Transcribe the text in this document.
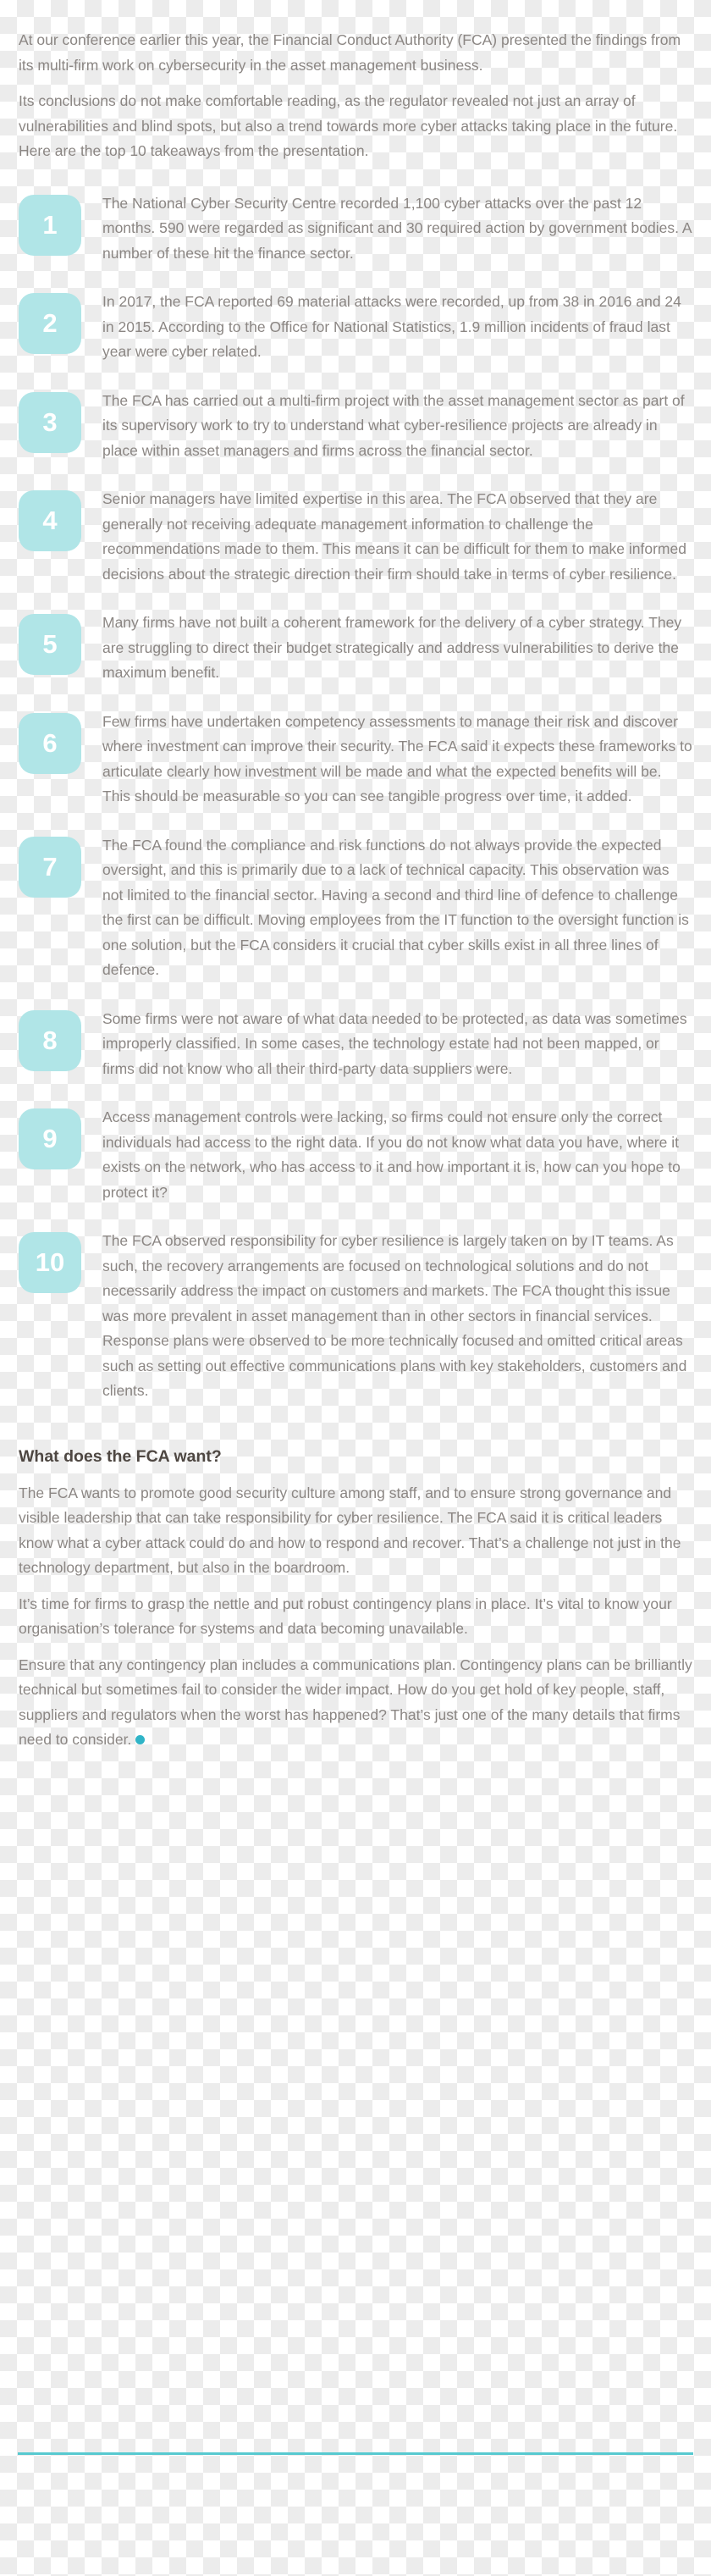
At our conference earlier this year, the Financial Conduct Authority (FCA) presented the findings from its multi-firm work on cybersecurity in the asset management business.

Its conclusions do not make comfortable reading, as the regulator revealed not just an array of vulnerabilities and blind spots, but also a trend towards more cyber attacks taking place in the future. Here are the top 10 takeaways from the presentation.

1
The National Cyber Security Centre recorded 1,100 cyber attacks over the past 12 months. 590 were regarded as significant and 30 required action by government bodies. A number of these hit the finance sector.
2
In 2017, the FCA reported 69 material attacks were recorded, up from 38 in 2016 and 24 in 2015. According to the Office for National Statistics, 1.9 million incidents of fraud last year were cyber related.
3
The FCA has carried out a multi-firm project with the asset management sector as part of its supervisory work to try to understand what cyber-resilience projects are already in place within asset managers and firms across the financial sector.
4
Senior managers have limited expertise in this area. The FCA observed that they are generally not receiving adequate management information to challenge the recommendations made to them. This means it can be difficult for them to make informed decisions about the strategic direction their firm should take in terms of cyber resilience.
5
Many firms have not built a coherent framework for the delivery of a cyber strategy. They are struggling to direct their budget strategically and address vulnerabilities to derive the maximum benefit.
6
Few firms have undertaken competency assessments to manage their risk and discover where investment can improve their security. The FCA said it expects these frameworks to articulate clearly how investment will be made and what the expected benefits will be. This should be measurable so you can see tangible progress over time, it added.
7
The FCA found the compliance and risk functions do not always provide the expected oversight, and this is primarily due to a lack of technical capacity. This observation was not limited to the financial sector. Having a second and third line of defence to challenge the first can be difficult. Moving employees from the IT function to the oversight function is one solution, but the FCA considers it crucial that cyber skills exist in all three lines of defence.
8
Some firms were not aware of what data needed to be protected, as data was sometimes improperly classified. In some cases, the technology estate had not been mapped, or firms did not know who all their third-party data suppliers were.
9
Access management controls were lacking, so firms could not ensure only the correct individuals had access to the right data. If you do not know what data you have, where it exists on the network, who has access to it and how important it is, how can you hope to protect it?
10
The FCA observed responsibility for cyber resilience is largely taken on by IT teams. As such, the recovery arrangements are focused on technological solutions and do not necessarily address the impact on customers and markets. The FCA thought this issue was more prevalent in asset management than in other sectors in financial services. Response plans were observed to be more technically focused and omitted critical areas such as setting out effective communications plans with key stakeholders, customers and clients.
What does the FCA want?

The FCA wants to promote good security culture among staff, and to ensure strong governance and visible leadership that can take responsibility for cyber resilience. The FCA said it is critical leaders know what a cyber attack could do and how to respond and recover. That’s a challenge not just in the technology department, but also in the boardroom.

It’s time for firms to grasp the nettle and put robust contingency plans in place. It’s vital to know your organisation’s tolerance for systems and data becoming unavailable.

Ensure that any contingency plan includes a communications plan. Contingency plans can be brilliantly technical but sometimes fail to consider the wider impact. How do you get hold of key people, staff, suppliers and regulators when the worst has happened? That’s just one of the many details that firms need to consider.
